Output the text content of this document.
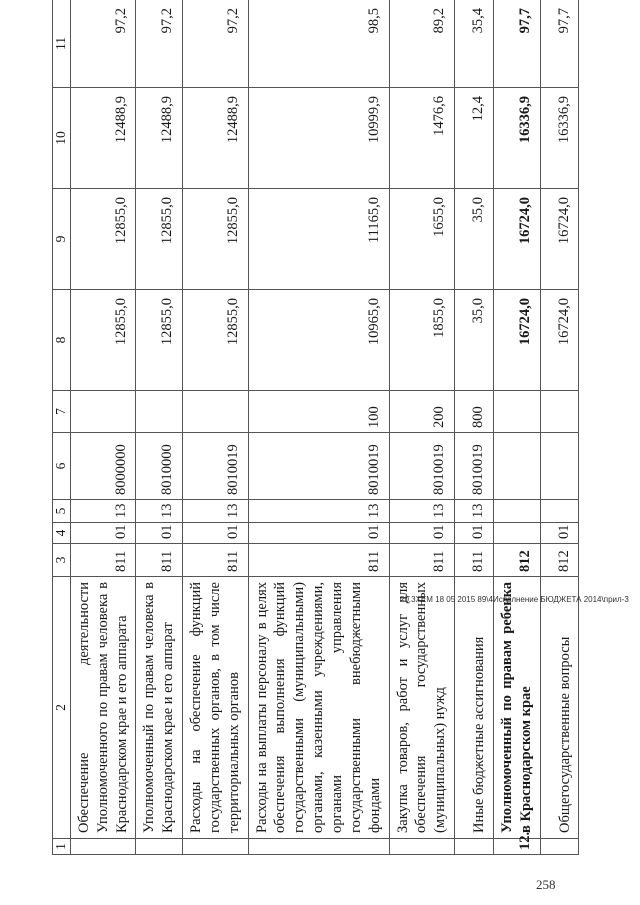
1	2	3	4	5	6	7	8	9	10	11
	Обеспечение деятельности Уполномоченного по правам человека в Краснодарском крае и его аппарата	811	01	13	8000000		12855,0	12855,0	12488,9	97,2
	Уполномоченный по правам человека в Краснодарском крае и его аппарат	811	01	13	8010000		12855,0	12855,0	12488,9	97,2
	Расходы на обеспечение функций государственных органов, в том числе территориальных органов	811	01	13	8010019		12855,0	12855,0	12488,9	97,2
	Расходы на выплаты персоналу в целях обеспечения выполнения функций государственными (муниципальными) органами, казенными учреждениями, органами управления государственными внебюджетными фондами	811	01	13	8010019	100	10965,0	11165,0	10999,9	98,5
	Закупка товаров, работ и услуг для обеспечения государственных (муниципальных) нужд	811	01	13	8010019	200	1855,0	1655,0	1476,6	89,2
	Иные бюджетные ассигнования	811	01	13	8010019	800	35,0	35,0	12,4	35,4
12.	Уполномоченный по правам ребенка в Краснодарском крае	812					16724,0	16724,0	16336,9	97,7
	Общегосударственные вопросы	812	01				16724,0	16724,0	16336,9	97,7
20.3ХЕМ 18 05 2015 89\4Исполнение БЮДЖЕТА 2014\прил-3
258
